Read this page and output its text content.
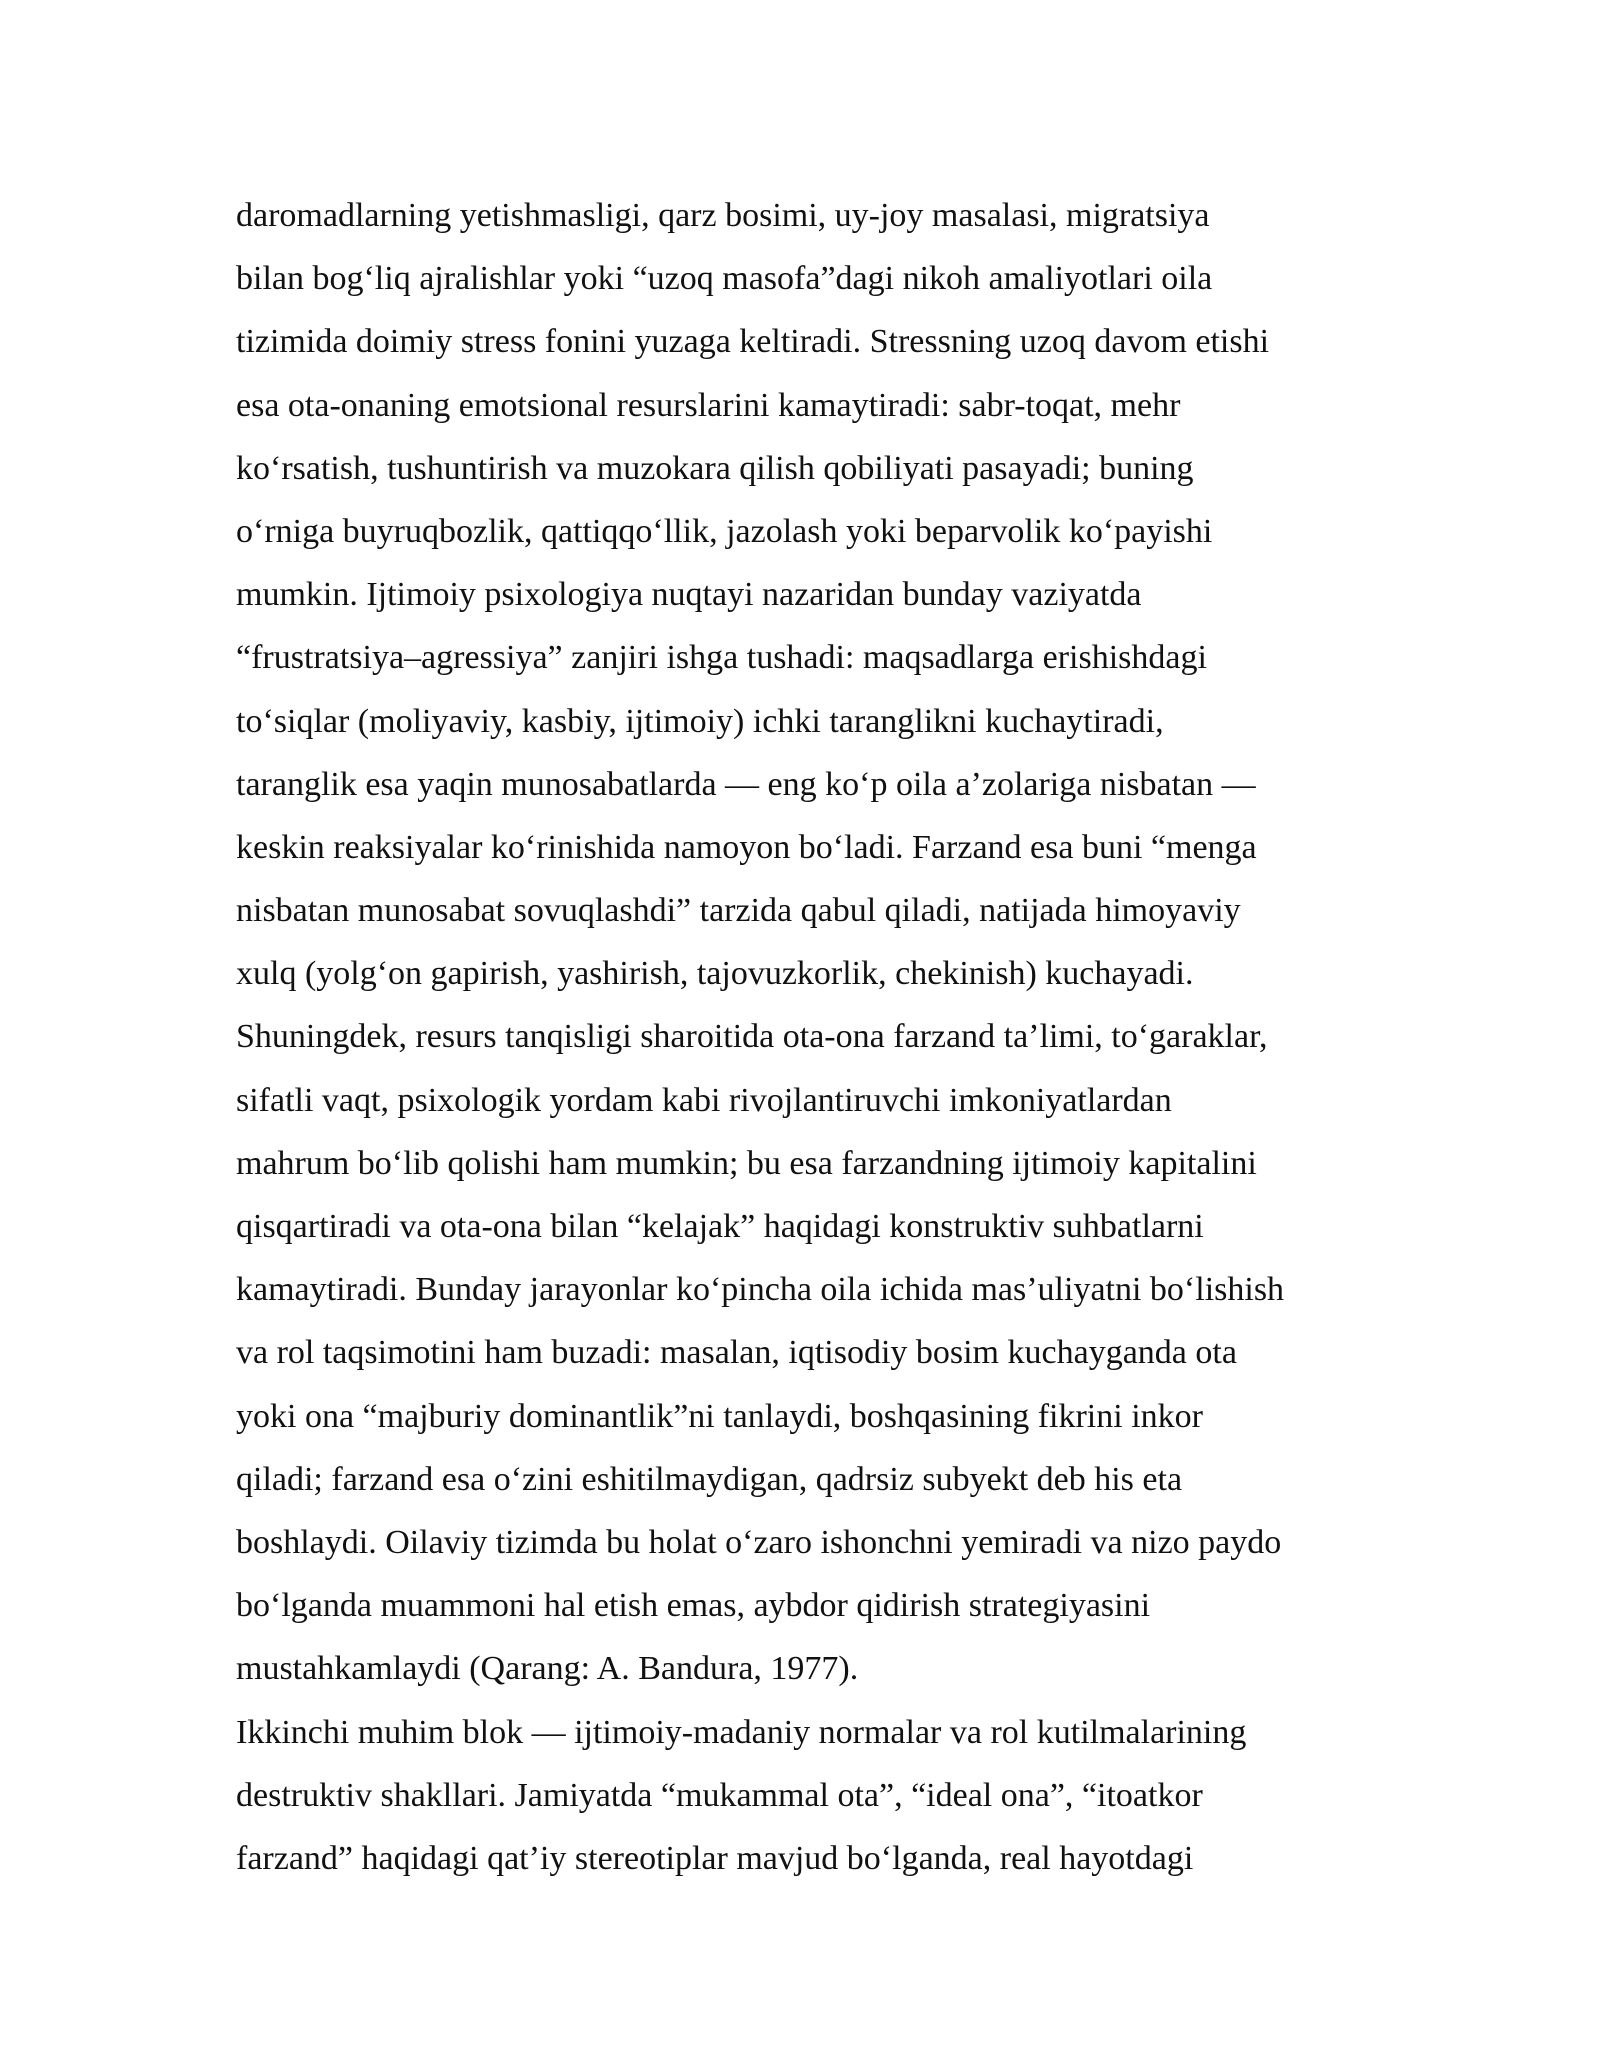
daromadlarning yetishmasligi, qarz bosimi, uy-joy masalasi, migratsiya
bilan bog‘liq ajralishlar yoki “uzoq masofa”dagi nikoh amaliyotlari oila
tizimida doimiy stress fonini yuzaga keltiradi. Stressning uzoq davom etishi
esa ota-onaning emotsional resurslarini kamaytiradi: sabr-toqat, mehr
ko‘rsatish, tushuntirish va muzokara qilish qobiliyati pasayadi; buning
o‘rniga buyruqbozlik, qattiqqo‘llik, jazolash yoki beparvolik ko‘payishi
mumkin. Ijtimoiy psixologiya nuqtayi nazaridan bunday vaziyatda
“frustratsiya–agressiya” zanjiri ishga tushadi: maqsadlarga erishishdagi
to‘siqlar (moliyaviy, kasbiy, ijtimoiy) ichki taranglikni kuchaytiradi,
taranglik esa yaqin munosabatlarda — eng ko‘p oila a’zolariga nisbatan —
keskin reaksiyalar ko‘rinishida namoyon bo‘ladi. Farzand esa buni “menga
nisbatan munosabat sovuqlashdi” tarzida qabul qiladi, natijada himoyaviy
xulq (yolg‘on gapirish, yashirish, tajovuzkorlik, chekinish) kuchayadi.
Shuningdek, resurs tanqisligi sharoitida ota-ona farzand ta’limi, to‘garaklar,
sifatli vaqt, psixologik yordam kabi rivojlantiruvchi imkoniyatlardan
mahrum bo‘lib qolishi ham mumkin; bu esa farzandning ijtimoiy kapitalini
qisqartiradi va ota-ona bilan “kelajak” haqidagi konstruktiv suhbatlarni
kamaytiradi. Bunday jarayonlar ko‘pincha oila ichida mas’uliyatni bo‘lishish
va rol taqsimotini ham buzadi: masalan, iqtisodiy bosim kuchayganda ota
yoki ona “majburiy dominantlik”ni tanlaydi, boshqasining fikrini inkor
qiladi; farzand esa o‘zini eshitilmaydigan, qadrsiz subyekt deb his eta
boshlaydi. Oilaviy tizimda bu holat o‘zaro ishonchni yemiradi va nizo paydo
bo‘lganda muammoni hal etish emas, aybdor qidirish strategiyasini
mustahkamlaydi (Qarang: A. Bandura, 1977).
Ikkinchi muhim blok — ijtimoiy-madaniy normalar va rol kutilmalarining
destruktiv shakllari. Jamiyatda “mukammal ota”, “ideal ona”, “itoatkor
farzand” haqidagi qat’iy stereotiplar mavjud bo‘lganda, real hayotdagi
